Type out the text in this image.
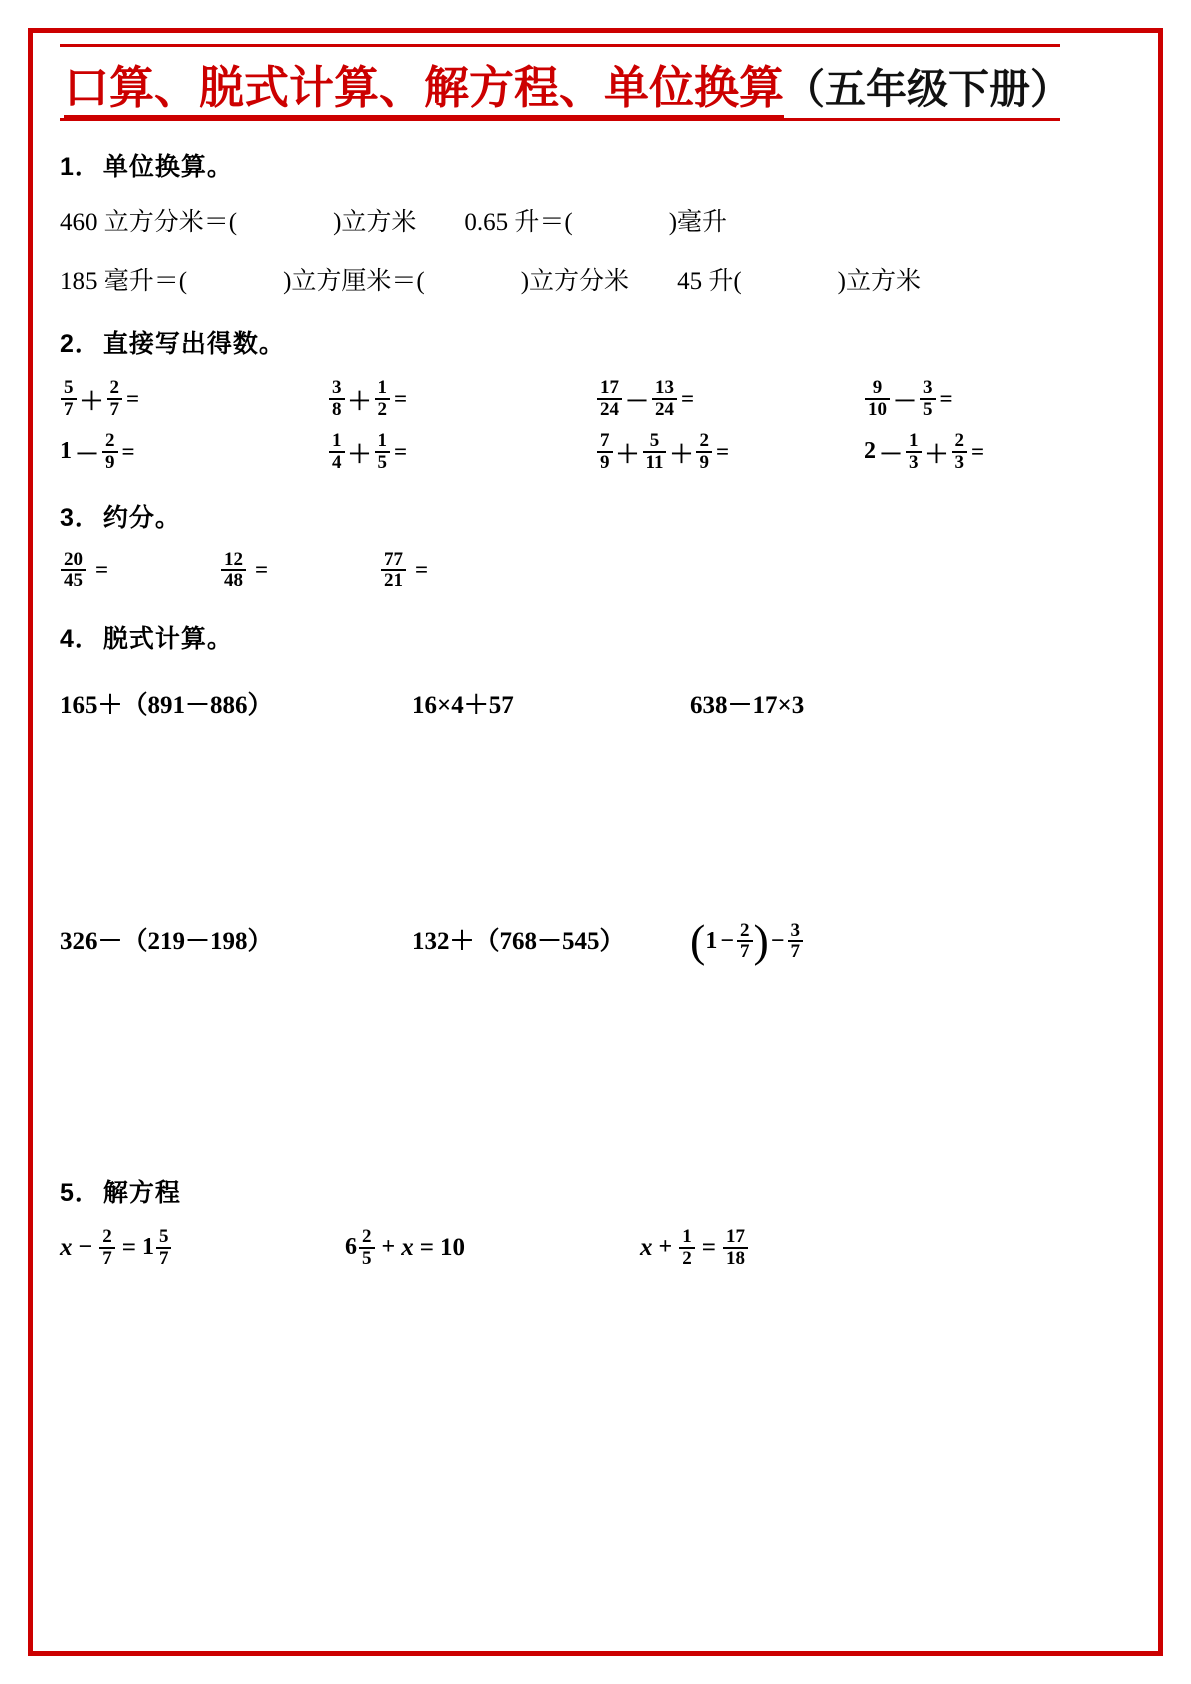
口算、脱式计算、解方程、单位换算（五年级下册）
1．单位换算。
460 立方分米＝(	)立方米 0.65 升＝(	)毫升
185 毫升＝(	)立方厘米＝(	)立方分米 45 升(	)立方米
2．直接写出得数。
$\frac{5}{7} + \frac{2}{7}$ =	$\frac{3}{8} + \frac{1}{2}$ =	$\frac{17}{24} - \frac{13}{24}$ =	$\frac{9}{10} - \frac{3}{5}$ =
$1 - \frac{2}{9}$ =	$\frac{1}{4} + \frac{1}{5}$ =	$\frac{7}{9} + \frac{5}{11} + \frac{2}{9}$ =	$2 - \frac{1}{3} + \frac{2}{3}$ =
3．约分。
$\frac{20}{45}$ =	$\frac{12}{48}$ =	$\frac{77}{21}$ =
4．脱式计算。
165＋（891－886）	16×4＋57	638－17×3
326－（219－198）	132＋（768－545）	( $1 - \frac{2}{7}$ ) − $\frac{3}{7}$
5．解方程
$x - \frac{2}{7} = 1 \frac{5}{7}$	$6 \frac{2}{5} + x = 10$	$x + \frac{1}{2} = \frac{17}{18}$
